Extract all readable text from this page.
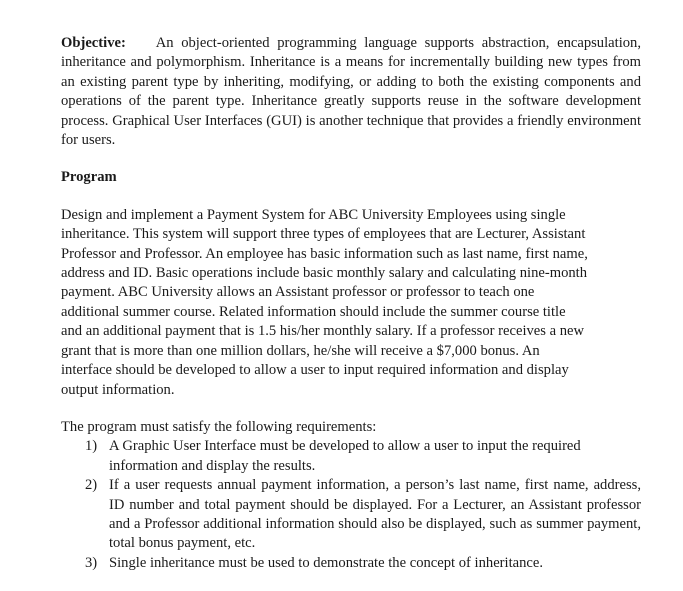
Objective: An object-oriented programming language supports abstraction, encapsulation, inheritance and polymorphism. Inheritance is a means for incrementally building new types from an existing parent type by inheriting, modifying, or adding to both the existing components and operations of the parent type. Inheritance greatly supports reuse in the software development process. Graphical User Interfaces (GUI) is another technique that provides a friendly environment for users.

Program

Design and implement a Payment System for ABC University Employees using single
inheritance. This system will support three types of employees that are Lecturer, Assistant
Professor and Professor. An employee has basic information such as last name, first name,
address and ID. Basic operations include basic monthly salary and calculating nine-month
payment. ABC University allows an Assistant professor or professor to teach one
additional summer course. Related information should include the summer course title
and an additional payment that is 1.5 his/her monthly salary. If a professor receives a new
grant that is more than one million dollars, he/she will receive a $7,000 bonus. An
interface should be developed to allow a user to input required information and display
output information.

The program must satisfy the following requirements:

1) A Graphic User Interface must be developed to allow a user to input the required
information and display the results.
2) If a user requests annual payment information, a person’s last name, first name, address, ID number and total payment should be displayed. For a Lecturer, an Assistant professor and a Professor additional information should also be displayed, such as summer payment, total bonus payment, etc.
3) Single inheritance must be used to demonstrate the concept of inheritance.
